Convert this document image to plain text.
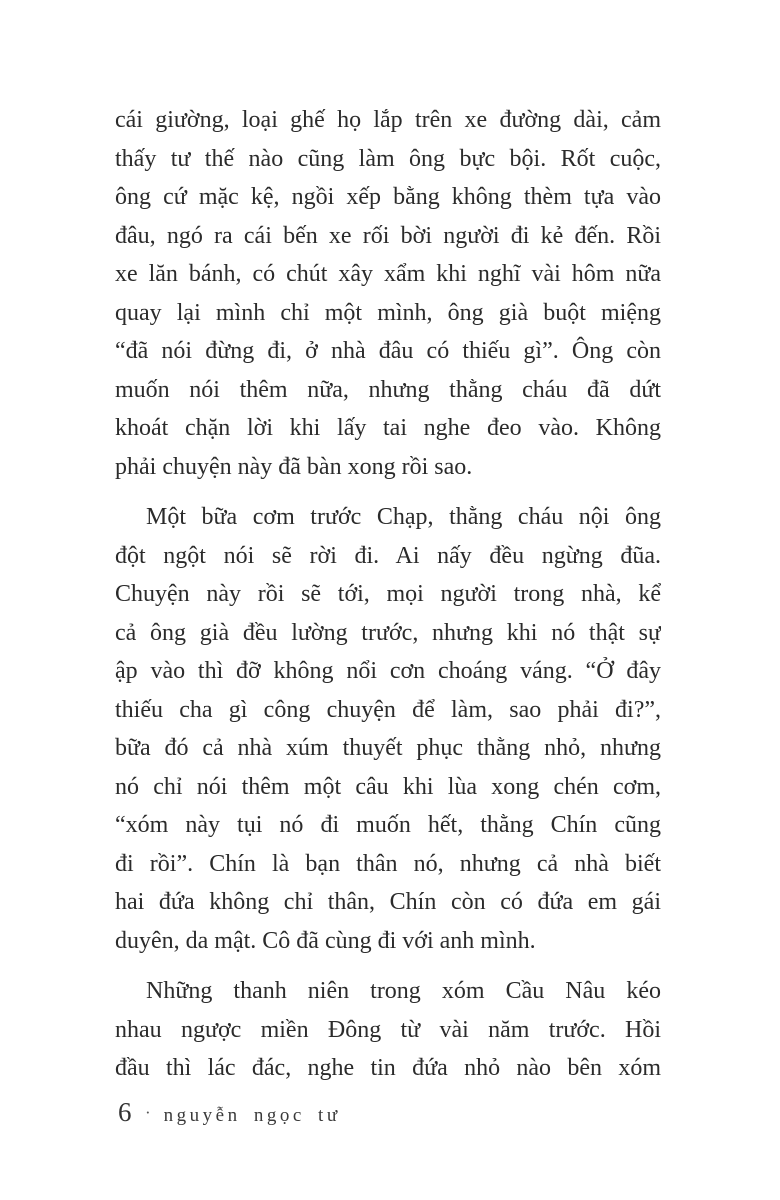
cái giường, loại ghế họ lắp trên xe đường dài, cảm
thấy tư thế nào cũng làm ông bực bội. Rốt cuộc,
ông cứ mặc kệ, ngồi xếp bằng không thèm tựa vào
đâu, ngó ra cái bến xe rối bời người đi kẻ đến. Rồi
xe lăn bánh, có chút xây xẩm khi nghĩ vài hôm nữa
quay lại mình chỉ một mình, ông già buột miệng
“đã nói đừng đi, ở nhà đâu có thiếu gì”. Ông còn
muốn nói thêm nữa, nhưng thằng cháu đã dứt
khoát chặn lời khi lấy tai nghe đeo vào. Không
phải chuyện này đã bàn xong rồi sao.
Một bữa cơm trước Chạp, thằng cháu nội ông
đột ngột nói sẽ rời đi. Ai nấy đều ngừng đũa.
Chuyện này rồi sẽ tới, mọi người trong nhà, kể
cả ông già đều lường trước, nhưng khi nó thật sự
ập vào thì đỡ không nổi cơn choáng váng. “Ở đây
thiếu cha gì công chuyện để làm, sao phải đi?”,
bữa đó cả nhà xúm thuyết phục thằng nhỏ, nhưng
nó chỉ nói thêm một câu khi lùa xong chén cơm,
“xóm này tụi nó đi muốn hết, thằng Chín cũng
đi rồi”. Chín là bạn thân nó, nhưng cả nhà biết
hai đứa không chỉ thân, Chín còn có đứa em gái
duyên, da mật. Cô đã cùng đi với anh mình.
Những thanh niên trong xóm Cầu Nâu kéo
nhau ngược miền Đông từ vài năm trước. Hồi
đầu thì lác đác, nghe tin đứa nhỏ nào bên xóm
6 · nguyễn ngọc tư
